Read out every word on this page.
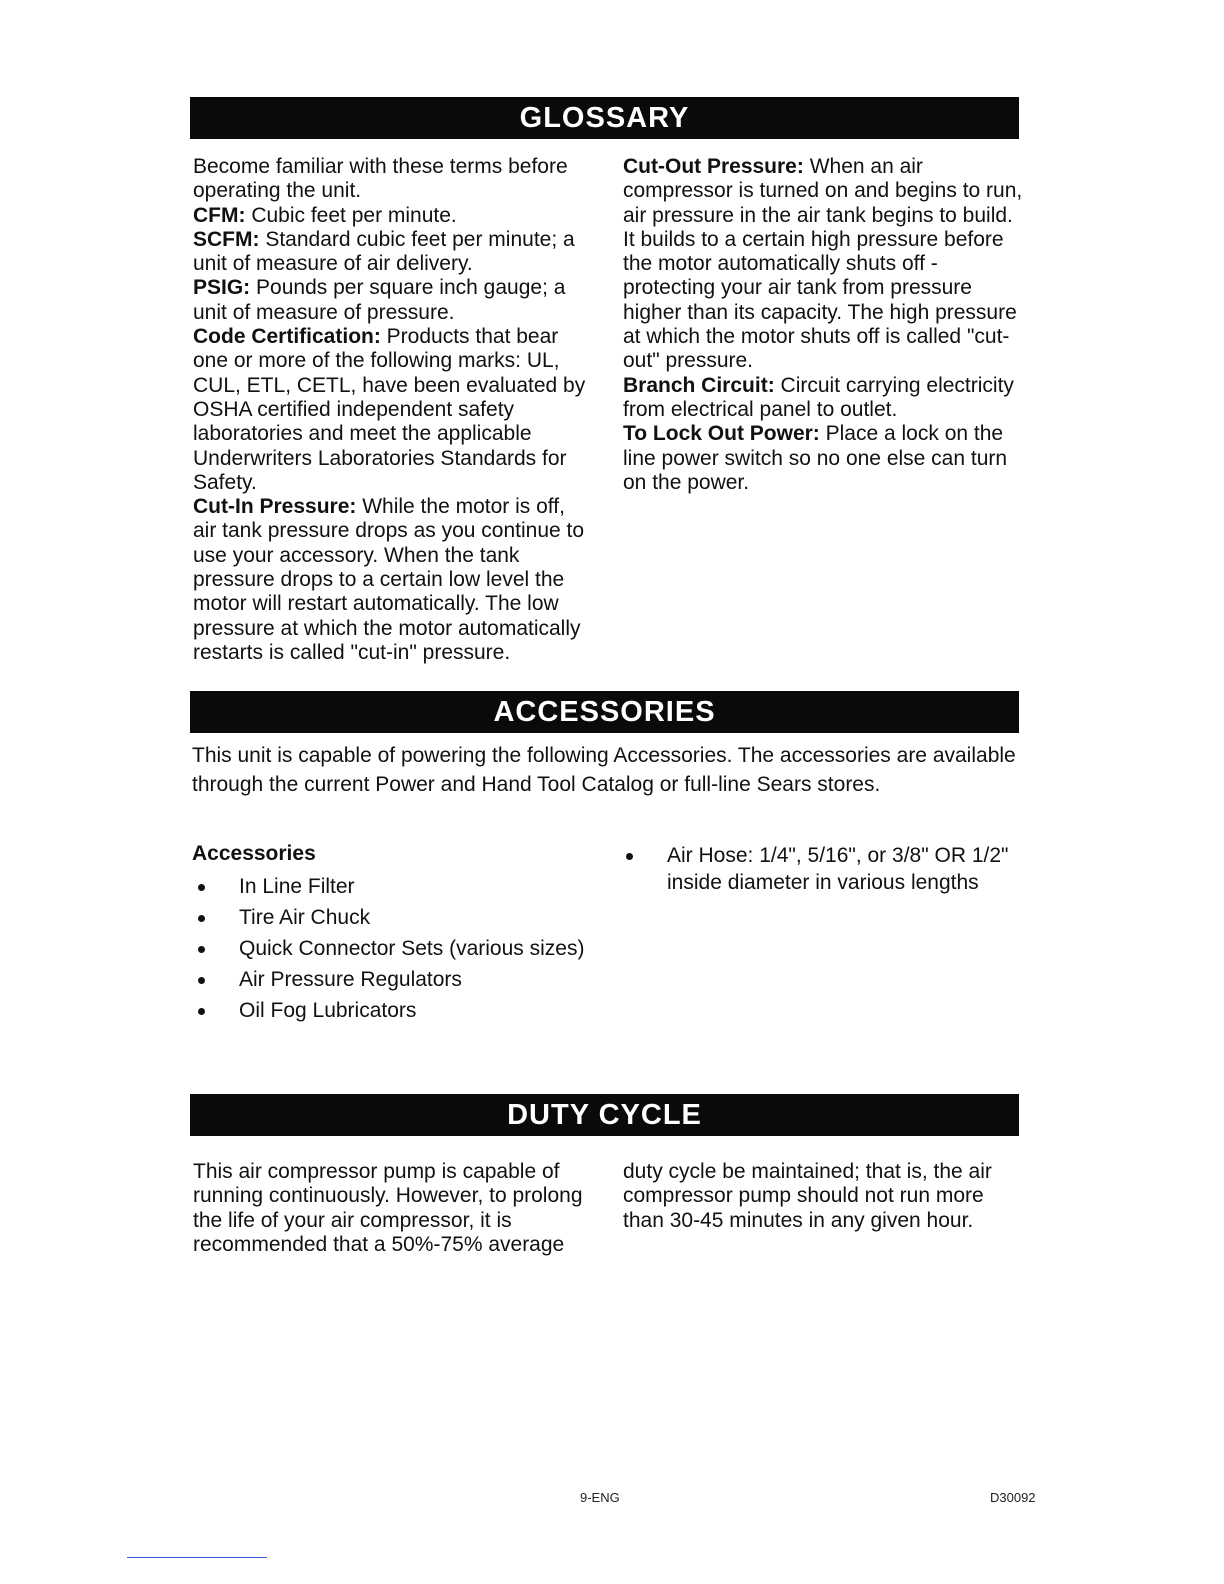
GLOSSARY

Become familiar with these terms before operating the unit.

CFM: Cubic feet per minute.

SCFM: Standard cubic feet per minute; a unit of measure of air delivery.

PSIG: Pounds per square inch gauge; a unit of measure of pressure.

Code Certification: Products that bear one or more of the following marks: UL, CUL, ETL, CETL, have been evaluated by OSHA certified independent safety laboratories and meet the applicable Underwriters Laboratories Standards for Safety.

Cut-In Pressure: While the motor is off, air tank pressure drops as you continue to use your accessory. When the tank pressure drops to a certain low level the motor will restart automatically. The low pressure at which the motor automatically restarts is called "cut-in" pressure.

Cut-Out Pressure: When an air compressor is turned on and begins to run, air pressure in the air tank begins to build. It builds to a certain high pressure before the motor automatically shuts off - protecting your air tank from pressure higher than its capacity. The high pressure at which the motor shuts off is called "cut-out" pressure.

Branch Circuit: Circuit carrying electricity from electrical panel to outlet.

To Lock Out Power: Place a lock on the line power switch so no one else can turn on the power.

ACCESSORIES
This unit is capable of powering the following Accessories. The accessories are available through the current Power and Hand Tool Catalog or full-line Sears stores.
Accessories
In Line Filter
Tire Air Chuck
Quick Connector Sets (various sizes)
Air Pressure Regulators
Oil Fog Lubricators
Air Hose: 1/4", 5/16", or 3/8" OR 1/2" inside diameter in various lengths
DUTY CYCLE

This air compressor pump is capable of running continuously. However, to prolong the life of your air compressor, it is recommended that a 50%-75% average duty cycle be maintained; that is, the air compressor pump should not run more than 30-45 minutes in any given hour.

9-ENG	D30092
